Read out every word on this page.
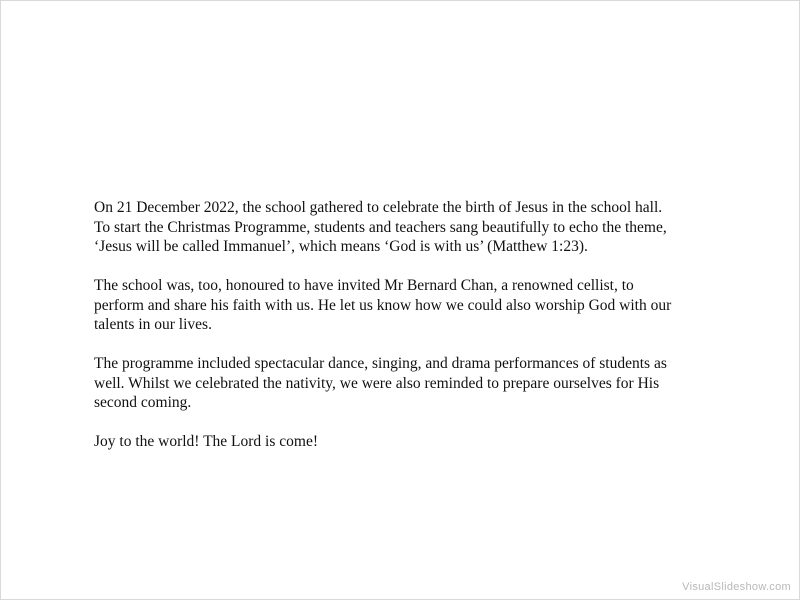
On 21 December 2022, the school gathered to celebrate the birth of Jesus in the school hall.
To start the Christmas Programme, students and teachers sang beautifully to echo the theme,
‘Jesus will be called Immanuel’, which means ‘God is with us’ (Matthew 1:23).

The school was, too, honoured to have invited Mr Bernard Chan, a renowned cellist, to
perform and share his faith with us. He let us know how we could also worship God with our
talents in our lives.

The programme included spectacular dance, singing, and drama performances of students as
well. Whilst we celebrated the nativity, we were also reminded to prepare ourselves for His
second coming.

Joy to the world! The Lord is come!

VisualSlideshow.com
